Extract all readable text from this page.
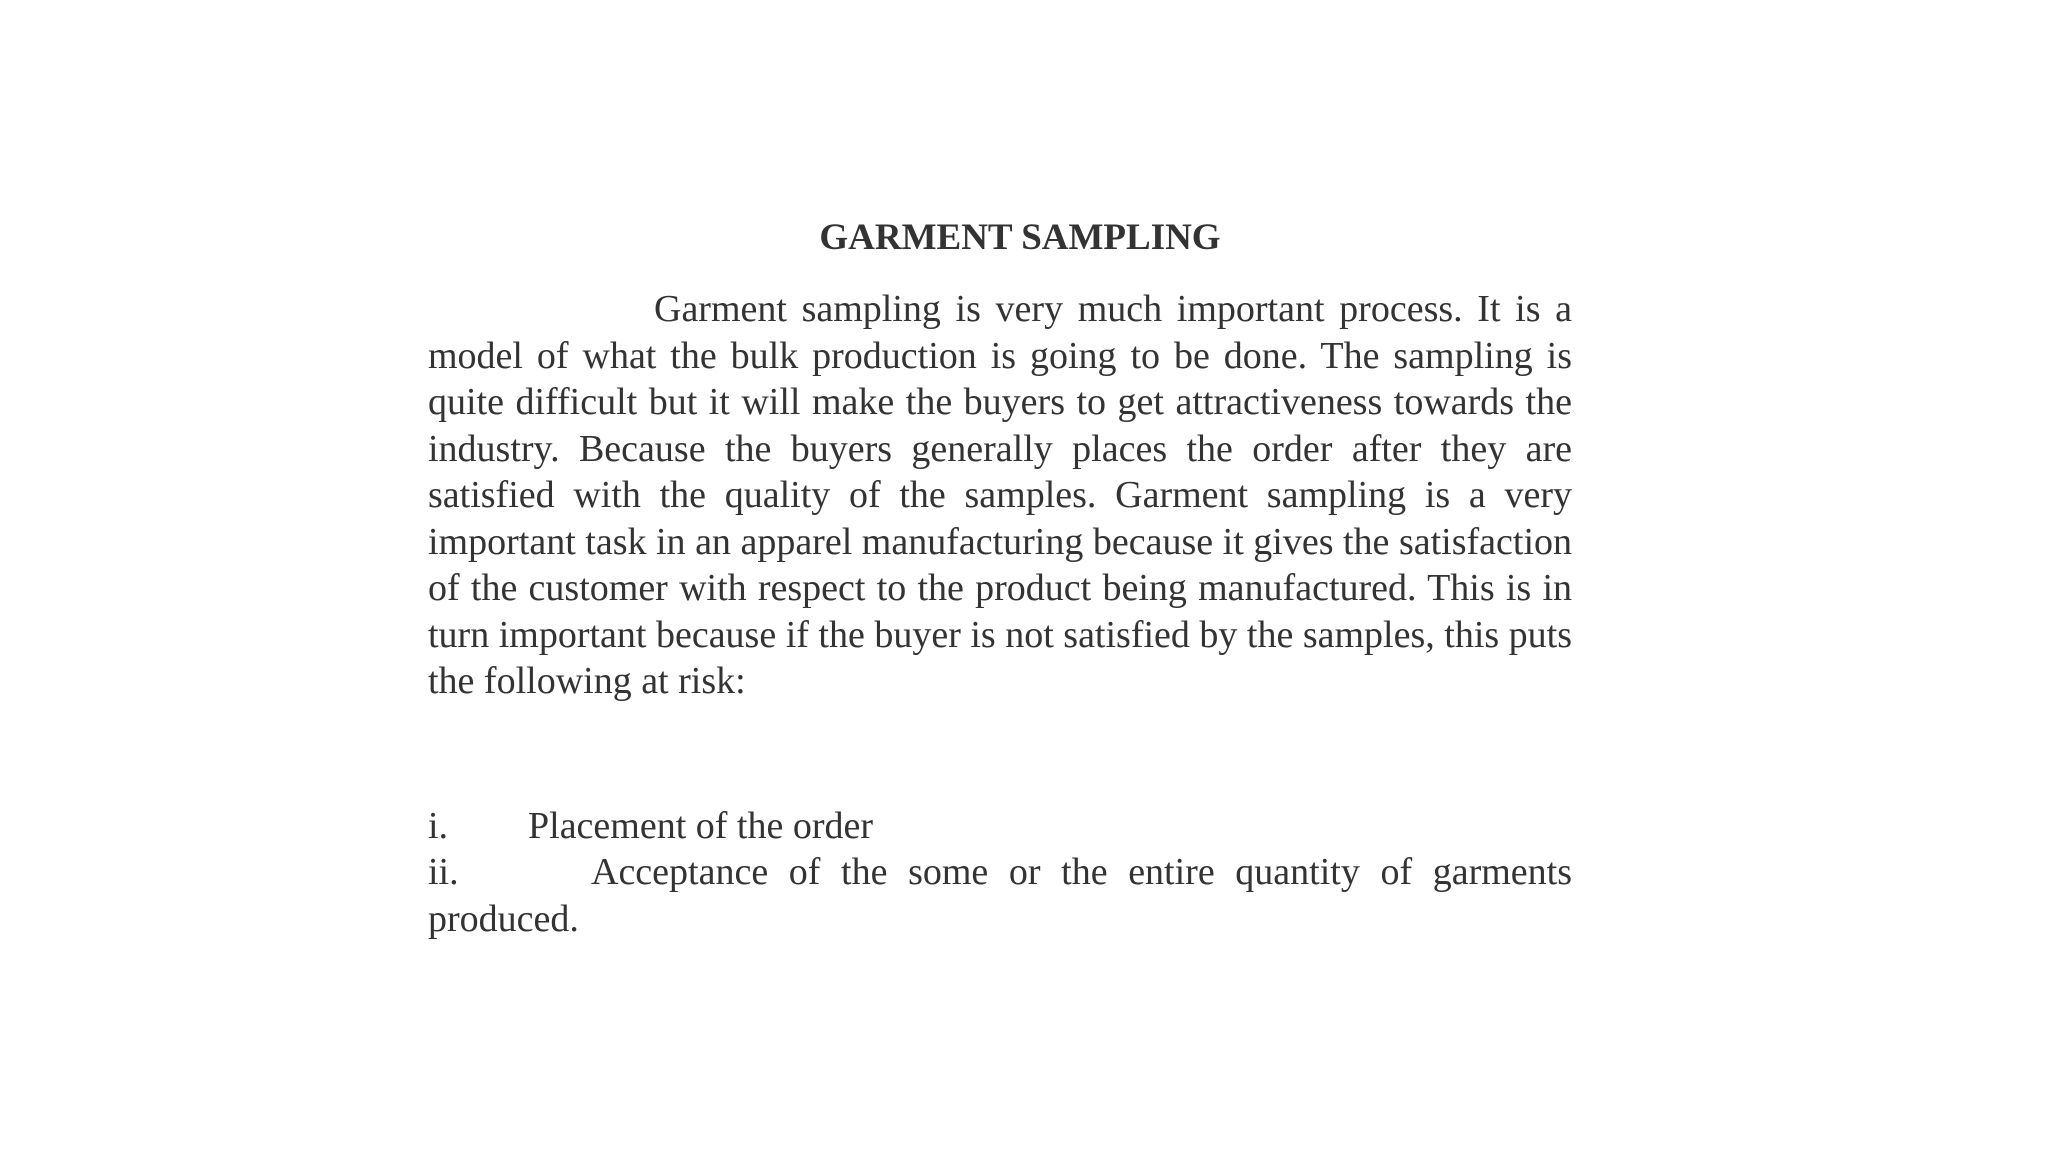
GARMENT SAMPLING

Garment sampling is very much important process. It is a model of what the bulk production is going to be done. The sampling is quite difficult but it will make the buyers to get attractiveness towards the industry. Because the buyers generally places the order after they are satisfied with the quality of the samples. Garment sampling is a very important task in an apparel manufacturing because it gives the satisfaction of the customer with respect to the product being manufactured. This is in turn important because if the buyer is not satisfied by the samples, this puts the following at risk:

i. Placement of the order

ii.	Acceptance of the some or the entire quantity of garments produced.
